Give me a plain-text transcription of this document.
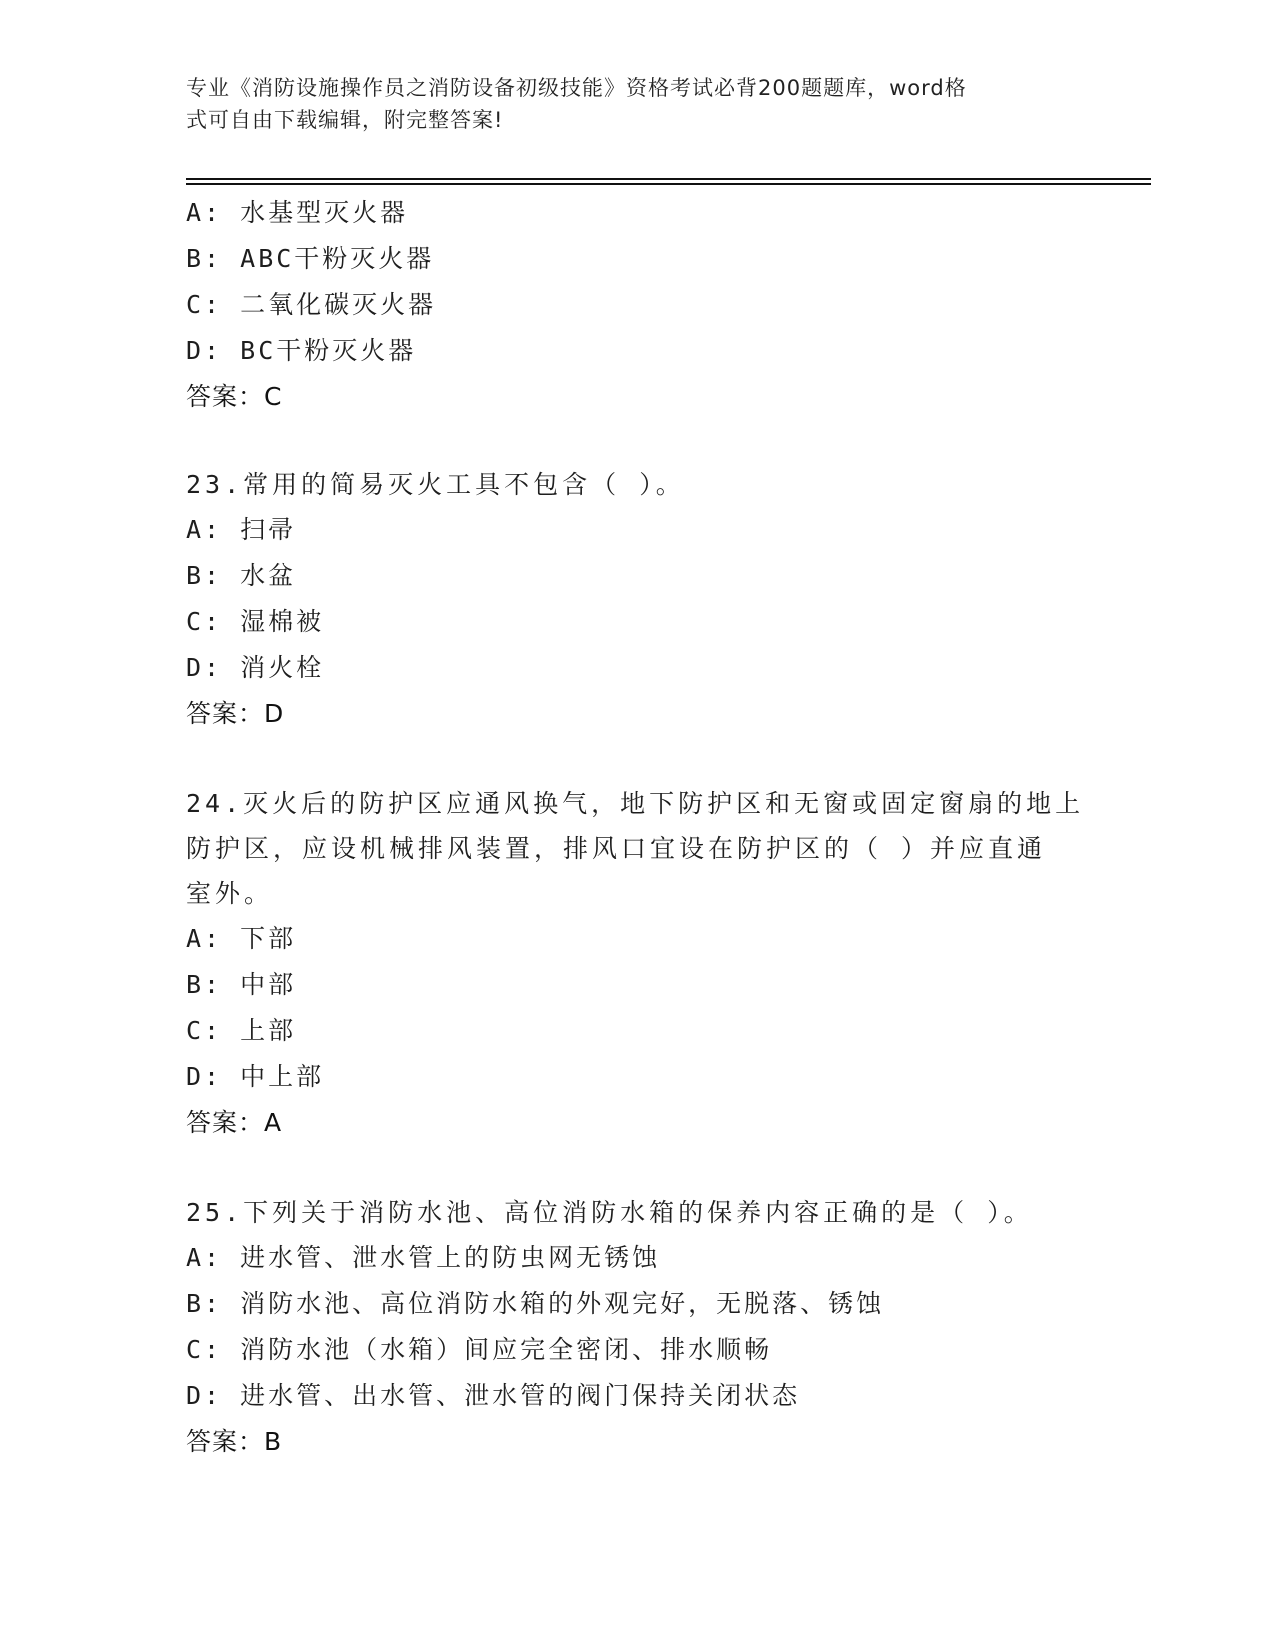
专业《消防设施操作员之消防设备初级技能》资格考试必背200题题库，word格
式可自由下载编辑，附完整答案!
A: 水基型灭火器
B: ABC干粉灭火器
C: 二氧化碳灭火器
D: BC干粉灭火器
答案：C
23.常用的简易灭火工具不包含（ ）。
A: 扫帚
B: 水盆
C: 湿棉被
D: 消火栓
答案：D
24.灭火后的防护区应通风换气，地下防护区和无窗或固定窗扇的地上
防护区，应设机械排风装置，排风口宜设在防护区的（ ）并应直通
室外。
A: 下部
B: 中部
C: 上部
D: 中上部
答案：A
25.下列关于消防水池、高位消防水箱的保养内容正确的是（ ）。
A: 进水管、泄水管上的防虫网无锈蚀
B: 消防水池、高位消防水箱的外观完好，无脱落、锈蚀
C: 消防水池（水箱）间应完全密闭、排水顺畅
D: 进水管、出水管、泄水管的阀门保持关闭状态
答案：B
